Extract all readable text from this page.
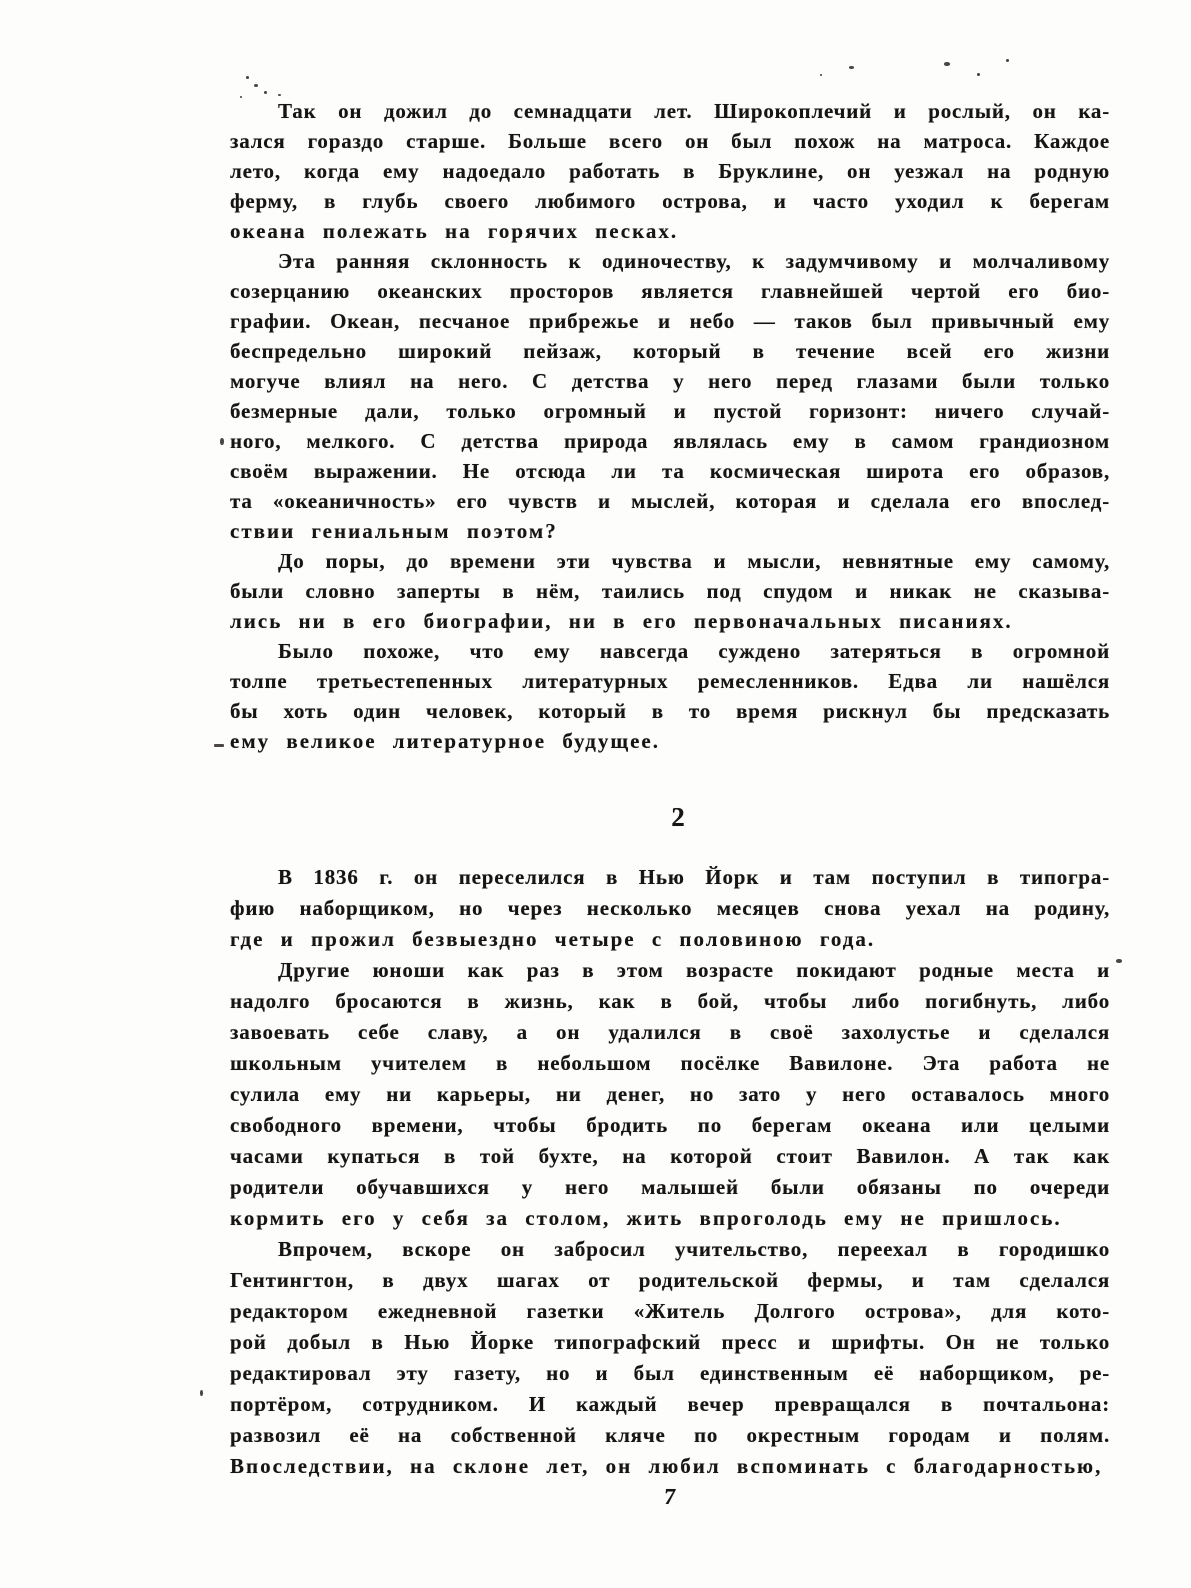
Так он дожил до семнадцати лет. Широкоплечий и рослый, он ка-
зался гораздо старше. Больше всего он был похож на матроса. Каждое
лето, когда ему надоедало работать в Бруклине, он уезжал на родную
ферму, в глубь своего любимого острова, и часто уходил к берегам
океана полежать на горячих песках.
Эта ранняя склонность к одиночеству, к задумчивому и молчаливому
созерцанию океанских просторов является главнейшей чертой его био-
графии. Океан, песчаное прибрежье и небо — таков был привычный ему
беспредельно широкий пейзаж, который в течение всей его жизни
могуче влиял на него. С детства у него перед глазами были только
безмерные дали, только огромный и пустой горизонт: ничего случай-
ного, мелкого. С детства природа являлась ему в самом грандиозном
своём выражении. Не отсюда ли та космическая широта его образов,
та «океаничность» его чувств и мыслей, которая и сделала его впослед-
ствии гениальным поэтом?
До поры, до времени эти чувства и мысли, невнятные ему самому,
были словно заперты в нём, таились под спудом и никак не сказыва-
лись ни в его биографии, ни в его первоначальных писаниях.
Было похоже, что ему навсегда суждено затеряться в огромной
толпе третьестепенных литературных ремесленников. Едва ли нашёлся
бы хоть один человек, который в то время рискнул бы предсказать
ему великое литературное будущее.
2
В 1836 г. он переселился в Нью Йорк и там поступил в типогра-
фию наборщиком, но через несколько месяцев снова уехал на родину,
где и прожил безвыездно четыре с половиною года.
Другие юноши как раз в этом возрасте покидают родные места и
надолго бросаются в жизнь, как в бой, чтобы либо погибнуть, либо
завоевать себе славу, а он удалился в своё захолустье и сделался
школьным учителем в небольшом посёлке Вавилоне. Эта работа не
сулила ему ни карьеры, ни денег, но зато у него оставалось много
свободного времени, чтобы бродить по берегам океана или целыми
часами купаться в той бухте, на которой стоит Вавилон. А так как
родители обучавшихся у него малышей были обязаны по очереди
кормить его у себя за столом, жить впроголодь ему не пришлось.
Впрочем, вскоре он забросил учительство, переехал в городишко
Гентингтон, в двух шагах от родительской фермы, и там сделался
редактором ежедневной газетки «Житель Долгого острова», для кото-
рой добыл в Нью Йорке типографский пресс и шрифты. Он не только
редактировал эту газету, но и был единственным её наборщиком, ре-
портёром, сотрудником. И каждый вечер превращался в почтальона:
развозил её на собственной кляче по окрестным городам и полям.
Впоследствии, на склоне лет, он любил вспоминать с благодарностью,
7
